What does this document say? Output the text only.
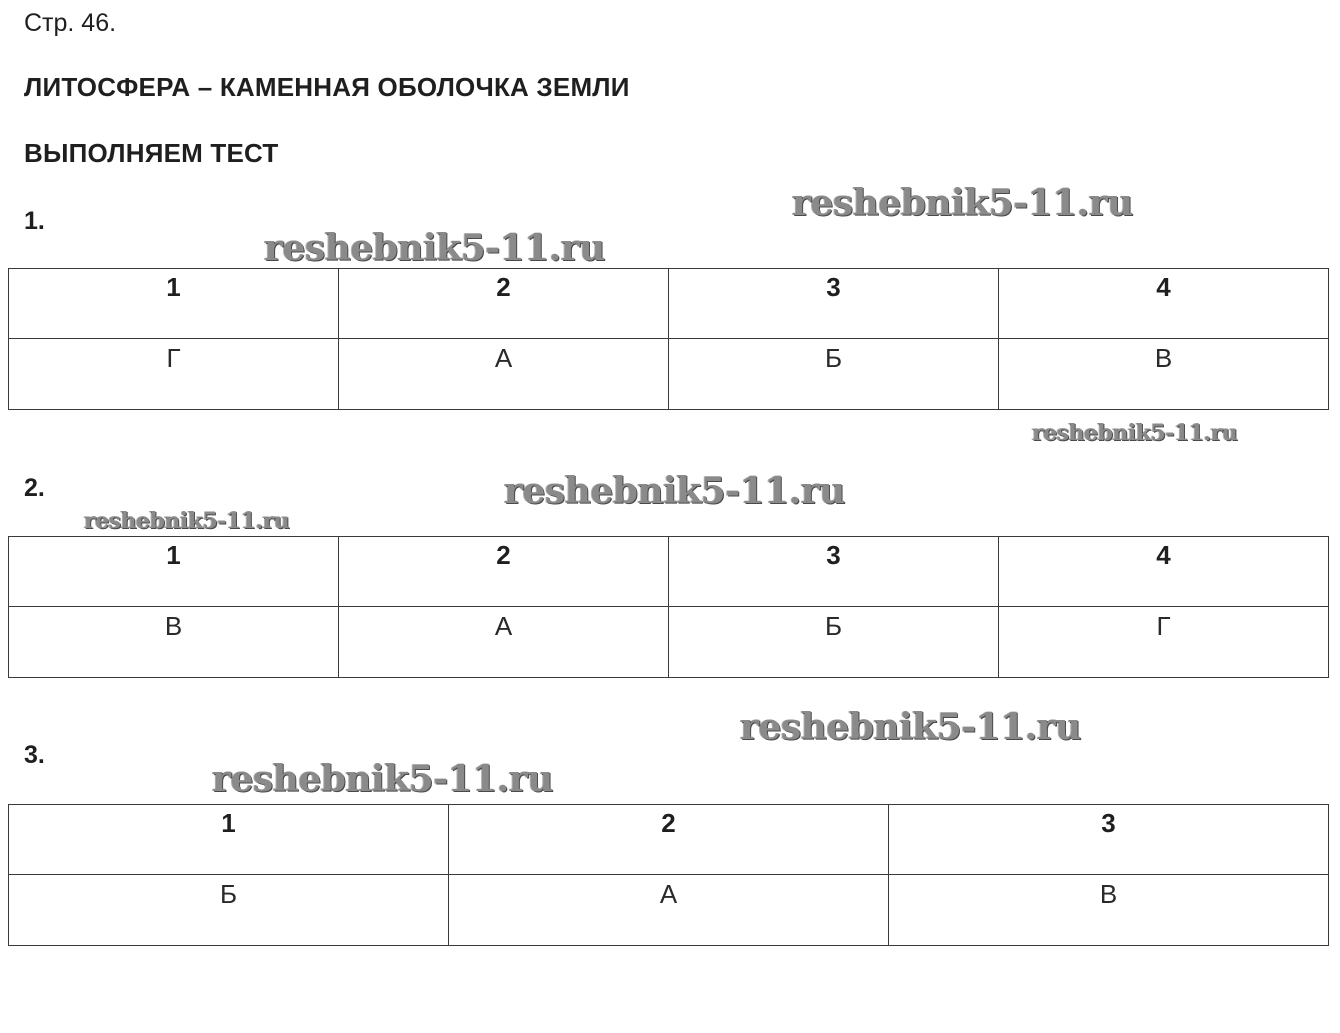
Стр. 46.
ЛИТОСФЕРА – КАМЕННАЯ ОБОЛОЧКА ЗЕМЛИ
ВЫПОЛНЯЕМ ТЕСТ
1.
1	2	3	4
Г	А	Б	В
2.
1	2	3	4
В	А	Б	Г
3.
1	2	3
Б	А	В
reshebnik5-11.ru
reshebnik5-11.ru
reshebnik5-11.ru
reshebnik5-11.ru
reshebnik5-11.ru
reshebnik5-11.ru
reshebnik5-11.ru
